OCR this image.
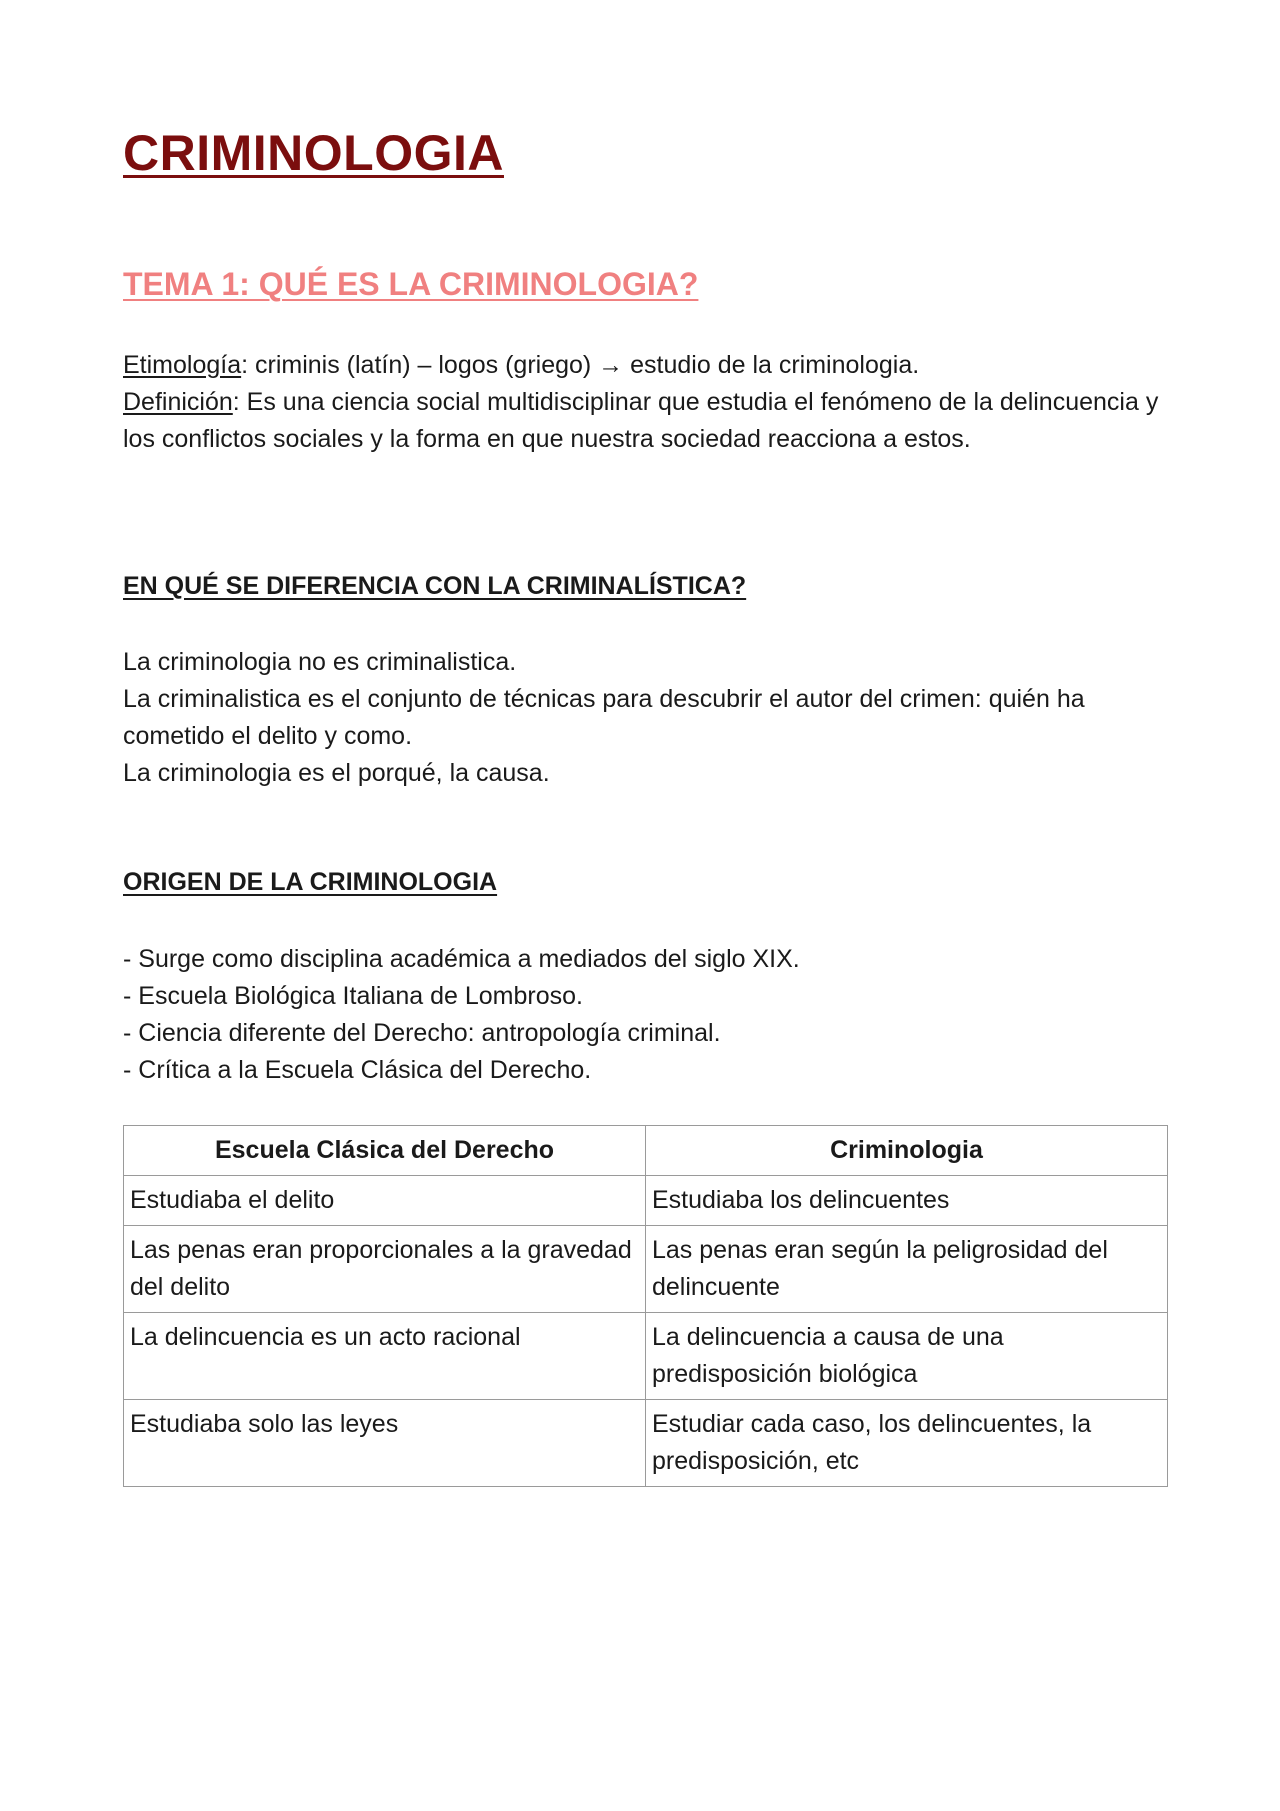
CRIMINOLOGIA
TEMA 1: QUÉ ES LA CRIMINOLOGIA?
Etimología: criminis (latín) – logos (griego) → estudio de la criminologia.
Definición: Es una ciencia social multidisciplinar que estudia el fenómeno de la delincuencia y los conflictos sociales y la forma en que nuestra sociedad reacciona a estos.
EN QUÉ SE DIFERENCIA CON LA CRIMINALÍSTICA?
La criminologia no es criminalistica.
La criminalistica es el conjunto de técnicas para descubrir el autor del crimen: quién ha cometido el delito y como.
La criminologia es el porqué, la causa.
ORIGEN DE LA CRIMINOLOGIA
- Surge como disciplina académica a mediados del siglo XIX.
- Escuela Biológica Italiana de Lombroso.
- Ciencia diferente del Derecho: antropología criminal.
- Crítica a la Escuela Clásica del Derecho.
Escuela Clásica del Derecho	Criminologia
Estudiaba el delito	Estudiaba los delincuentes
Las penas eran proporcionales a la gravedad del delito	Las penas eran según la peligrosidad del delincuente
La delincuencia es un acto racional	La delincuencia a causa de una predisposición biológica
Estudiaba solo las leyes	Estudiar cada caso, los delincuentes, la predisposición, etc
